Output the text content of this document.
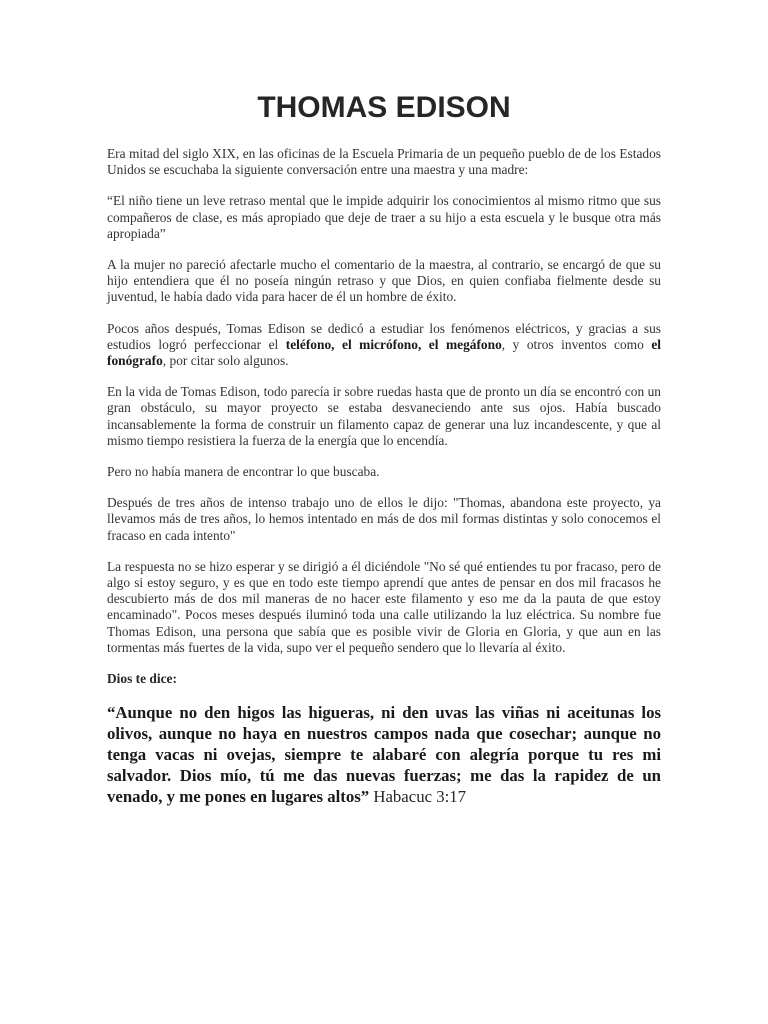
THOMAS EDISON

Era mitad del siglo XIX, en las oficinas de la Escuela Primaria de un pequeño pueblo de de los Estados Unidos se escuchaba la siguiente conversación entre una maestra y una madre:

“El niño tiene un leve retraso mental que le impide adquirir los conocimientos al mismo ritmo que sus compañeros de clase, es más apropiado que deje de traer a su hijo a esta escuela y le busque otra más apropiada”

A la mujer no pareció afectarle mucho el comentario de la maestra, al contrario, se encargó de que su hijo entendiera que él no poseía ningún retraso y que Dios, en quien confiaba fielmente desde su juventud, le había dado vida para hacer de él un hombre de éxito.

Pocos años después, Tomas Edison se dedicó a estudiar los fenómenos eléctricos, y gracias a sus estudios logró perfeccionar el teléfono, el micrófono, el megáfono, y otros inventos como el fonógrafo, por citar solo algunos.

En la vida de Tomas Edison, todo parecía ir sobre ruedas hasta que de pronto un día se encontró con un gran obstáculo, su mayor proyecto se estaba desvaneciendo ante sus ojos. Había buscado incansablemente la forma de construir un filamento capaz de generar una luz incandescente, y que al mismo tiempo resistiera la fuerza de la energía que lo encendía.

Pero no había manera de encontrar lo que buscaba.

Después de tres años de intenso trabajo uno de ellos le dijo: "Thomas, abandona este proyecto, ya llevamos más de tres años, lo hemos intentado en más de dos mil formas distintas y solo conocemos el fracaso en cada intento"

La respuesta no se hizo esperar y se dirigió a él diciéndole "No sé qué entiendes tu por fracaso, pero de algo si estoy seguro, y es que en todo este tiempo aprendí que antes de pensar en dos mil fracasos he descubierto más de dos mil maneras de no hacer este filamento y eso me da la pauta de que estoy encaminado". Pocos meses después iluminó toda una calle utilizando la luz eléctrica. Su nombre fue Thomas Edison, una persona que sabía que es posible vivir de Gloria en Gloria, y que aun en las tormentas más fuertes de la vida, supo ver el pequeño sendero que lo llevaría al éxito.

Dios te dice:

“Aunque no den higos las higueras, ni den uvas las viñas ni aceitunas los olivos, aunque no haya en nuestros campos nada que cosechar; aunque no tenga vacas ni ovejas, siempre te alabaré con alegría porque tu res mi salvador. Dios mío, tú me das nuevas fuerzas; me das la rapidez de un venado, y me pones en lugares altos” Habacuc 3:17
